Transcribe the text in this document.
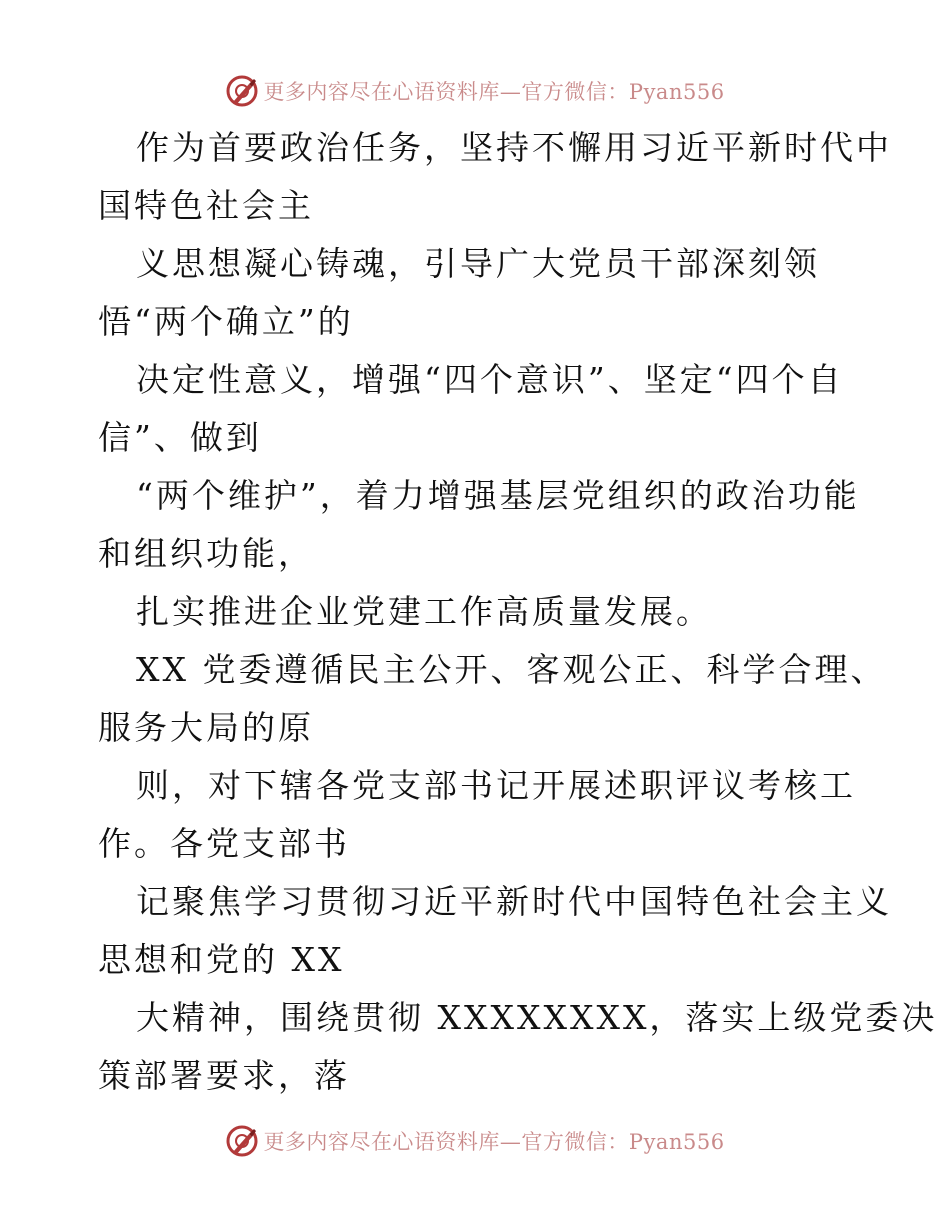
更多内容尽在心语资料库—官方微信：Pyan556
作为首要政治任务，坚持不懈用习近平新时代中
国特色社会主
义思想凝心铸魂，引导广大党员干部深刻领
悟“两个确立”的
决定性意义，增强“四个意识”、坚定“四个自
信”、做到
“两个维护”，着力增强基层党组织的政治功能
和组织功能，
扎实推进企业党建工作高质量发展。
XX 党委遵循民主公开、客观公正、科学合理、
服务大局的原
则，对下辖各党支部书记开展述职评议考核工
作。各党支部书
记聚焦学习贯彻习近平新时代中国特色社会主义
思想和党的 XX
大精神，围绕贯彻 XXXXXXXX，落实上级党委决
策部署要求，落
更多内容尽在心语资料库—官方微信：Pyan556
